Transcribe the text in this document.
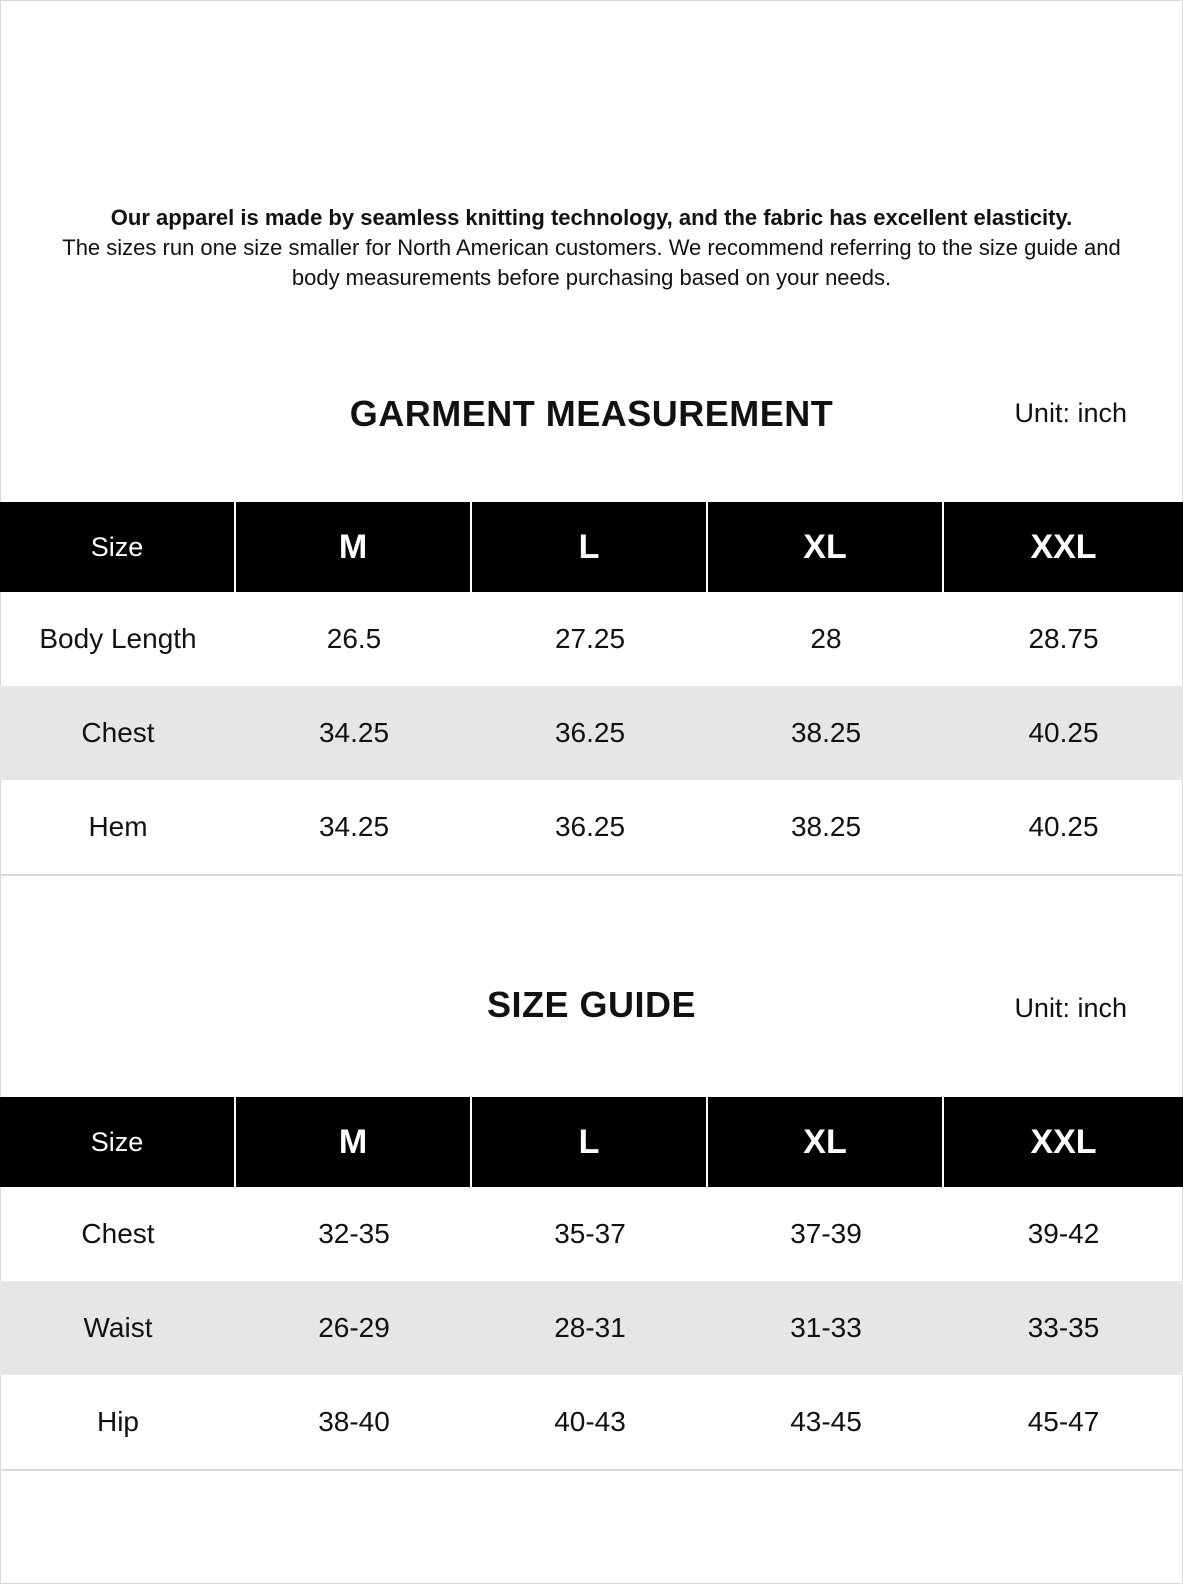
Our apparel is made by seamless knitting technology, and the fabric has excellent elasticity.
The sizes run one size smaller for North American customers. We recommend referring to the size guide and body measurements before purchasing based on your needs.
GARMENT MEASUREMENT	Unit: inch
Size	M	L	XL	XXL
Body Length	26.5	27.25	28	28.75
Chest	34.25	36.25	38.25	40.25
Hem	34.25	36.25	38.25	40.25
SIZE GUIDE	Unit: inch
Size	M	L	XL	XXL
Chest	32-35	35-37	37-39	39-42
Waist	26-29	28-31	31-33	33-35
Hip	38-40	40-43	43-45	45-47
